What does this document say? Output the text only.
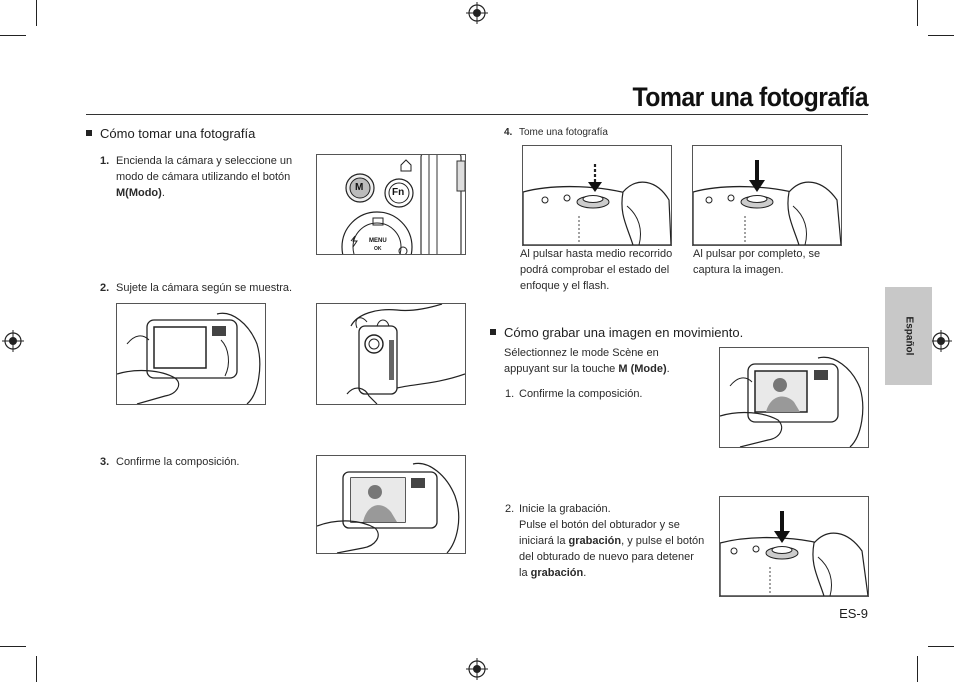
Tomar una fotografía
Español
Cómo tomar una fotografía
1. Encienda la cámara y seleccione un
modo de cámara utilizando el botón
M(Modo).	M	Fn
MENU
OK
2. Sujete la cámara según se muestra.
3. Confirme la composición.
4. Tome una fotografía
Al pulsar hasta medio recorrido
podrá comprobar el estado del
enfoque y el flash.
Al pulsar por completo, se
captura la imagen.
Cómo grabar una imagen en movimiento.
Sélectionnez le mode Scène en
appuyant sur la touche M (Mode).
1. Confirme la composición.
2. Inicie la grabación.
Pulse el botón del obturador y se
iniciará la grabación, y pulse el botón
del obturado de nuevo para detener
la grabación.
ES-9
